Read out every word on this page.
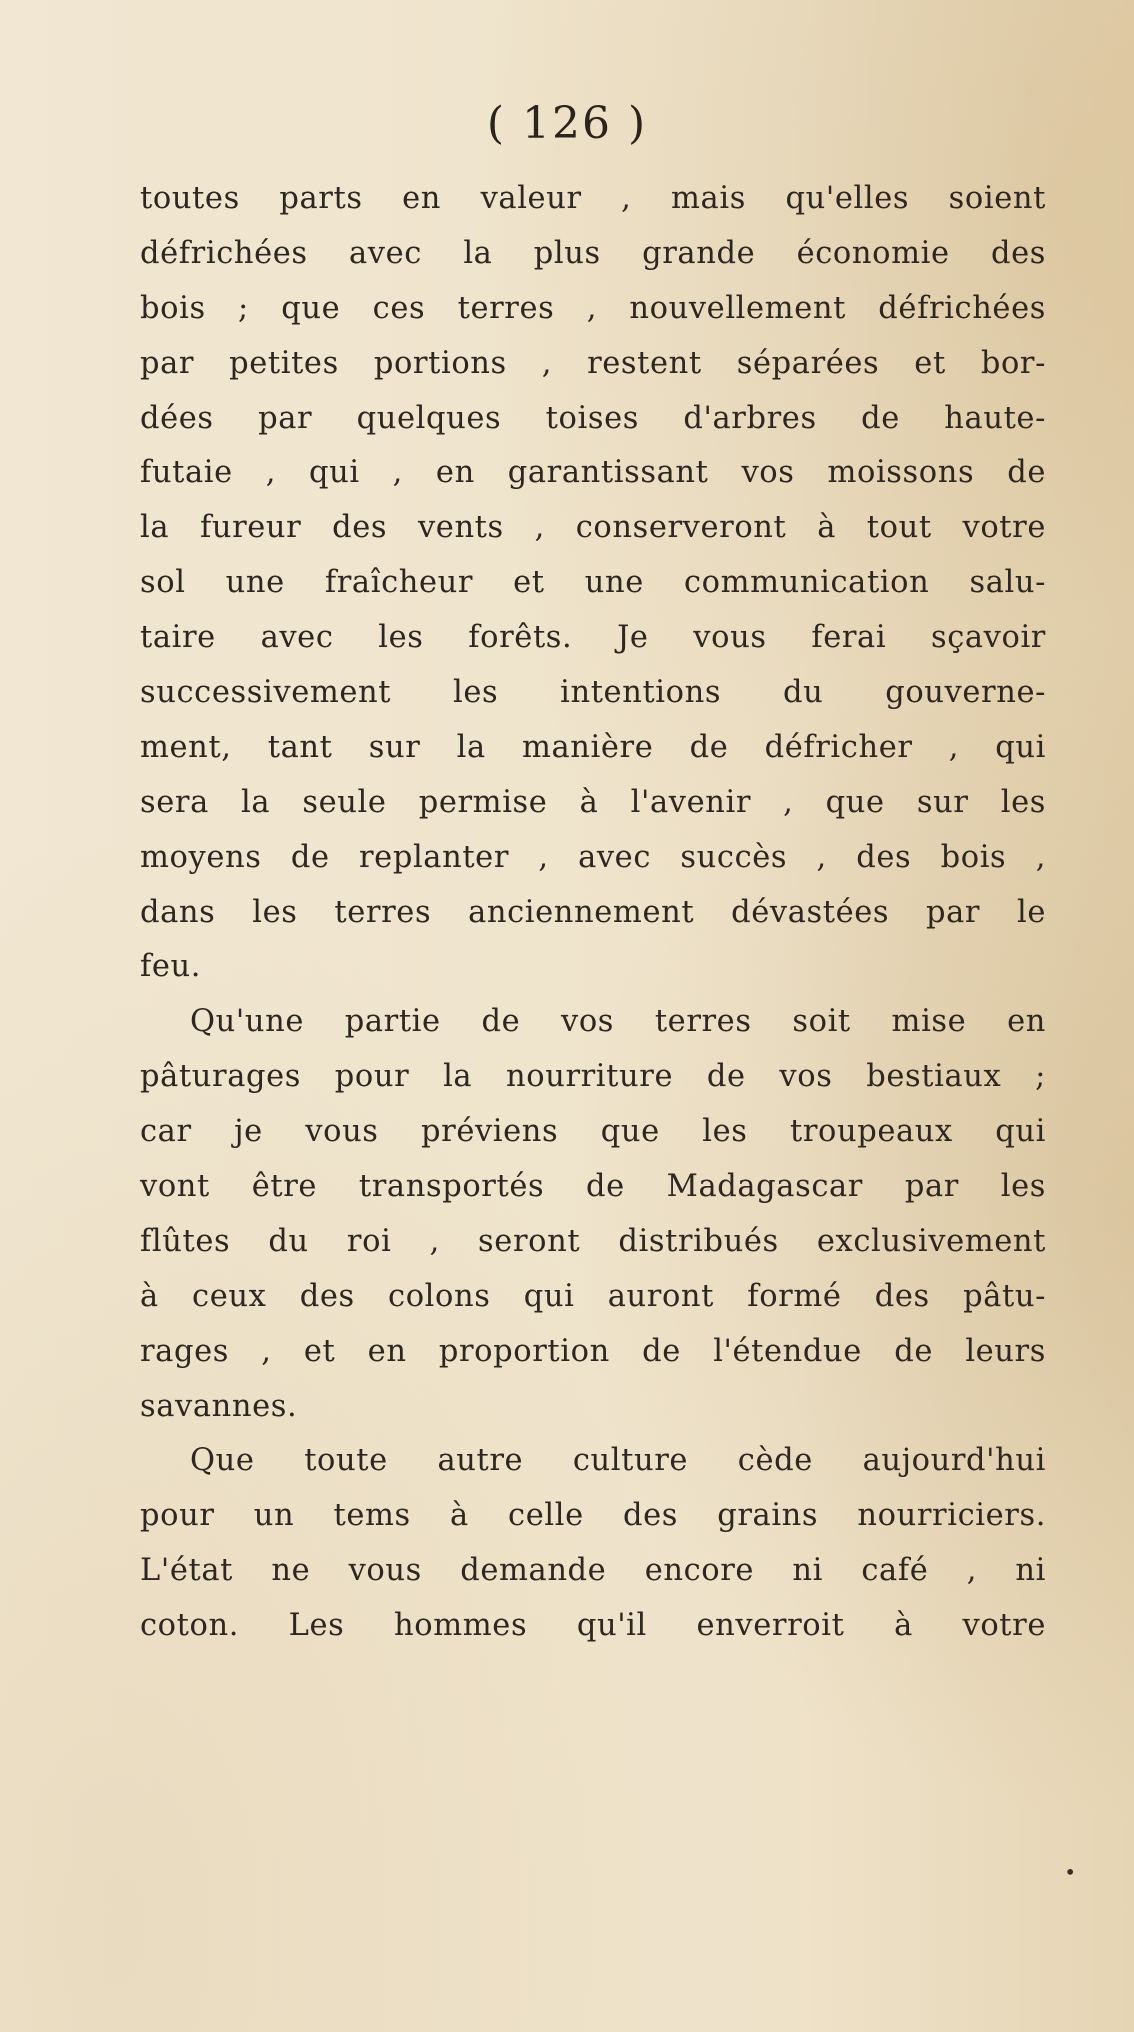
( 126 )
toutes parts en valeur , mais qu'elles soient
défrichées avec la plus grande économie des
bois ; que ces terres , nouvellement défrichées
par petites portions , restent séparées et bor-
dées par quelques toises d'arbres de haute-
futaie , qui , en garantissant vos moissons de
la fureur des vents , conserveront à tout votre
sol une fraîcheur et une communication salu-
taire avec les forêts. Je vous ferai sçavoir
successivement les intentions du gouverne-
ment, tant sur la manière de défricher , qui
sera la seule permise à l'avenir , que sur les
moyens de replanter , avec succès , des bois ,
dans les terres anciennement dévastées par le
feu.
Qu'une partie de vos terres soit mise en
pâturages pour la nourriture de vos bestiaux ;
car je vous préviens que les troupeaux qui
vont être transportés de Madagascar par les
flûtes du roi , seront distribués exclusivement
à ceux des colons qui auront formé des pâtu-
rages , et en proportion de l'étendue de leurs
savannes.
Que toute autre culture cède aujourd'hui
pour un tems à celle des grains nourriciers.
L'état ne vous demande encore ni café , ni
coton. Les hommes qu'il enverroit à votre
•
